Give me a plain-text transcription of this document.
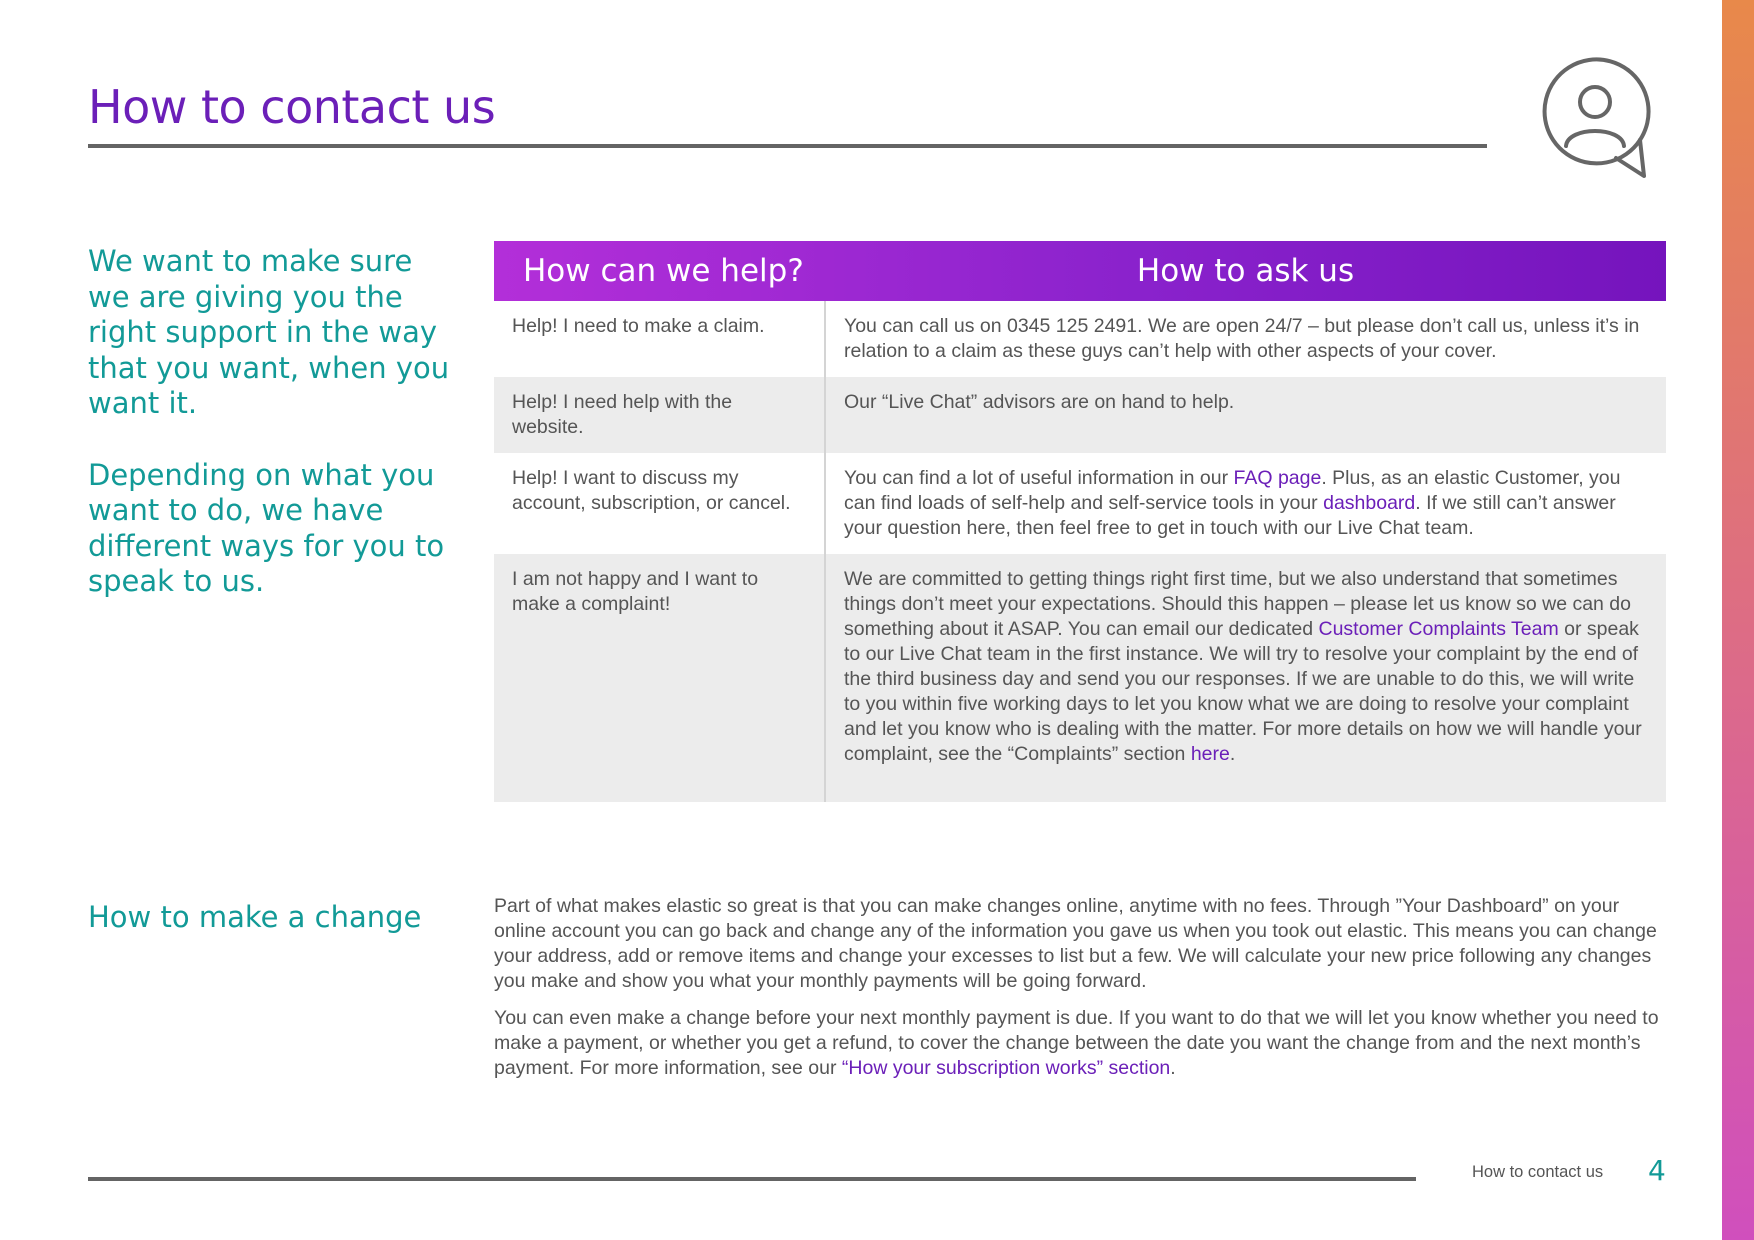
How to contact us

We want to make sure we are giving you the right support in the way that you want, when you want it.

Depending on what you want to do, we have different ways for you to speak to us.

How can we help?	How to ask us
Help! I need to make a claim.	You can call us on 0345 125 2491. We are open 24/7 – but please don’t call us, unless it’s in relation to a claim as these guys can’t help with other aspects of your cover.
Help! I need help with the website.	Our “Live Chat” advisors are on hand to help.
Help! I want to discuss my account, subscription, or cancel.	You can find a lot of useful information in our FAQ page. Plus, as an elastic Customer, you can find loads of self-help and self-service tools in your dashboard. If we still can’t answer your question here, then feel free to get in touch with our Live Chat team.
I am not happy and I want to make a complaint!	We are committed to getting things right first time, but we also understand that sometimes things don’t meet your expectations. Should this happen – please let us know so we can do something about it ASAP. You can email our dedicated Customer Complaints Team or speak to our Live Chat team in the first instance. We will try to resolve your complaint by the end of the third business day and send you our responses. If we are unable to do this, we will write to you within five working days to let you know what we are doing to resolve your complaint and let you know who is dealing with the matter. For more details on how we will handle your complaint, see the “Complaints” section here.
How to make a change	Part of what makes elastic so great is that you can make changes online, anytime with no fees. Through ”Your Dashboard” on your online account you can go back and change any of the information you gave us when you took out elastic. This means you can change your address, add or remove items and change your excesses to list but a few. We will calculate your new price following any changes you make and show you what your monthly payments will be going forward.

You can even make a change before your next monthly payment is due. If you want to do that we will let you know whether you need to make a payment, or whether you get a refund, to cover the change between the date you want the change from and the next month’s payment. For more information, see our “How your subscription works” section.

How to contact us 4
